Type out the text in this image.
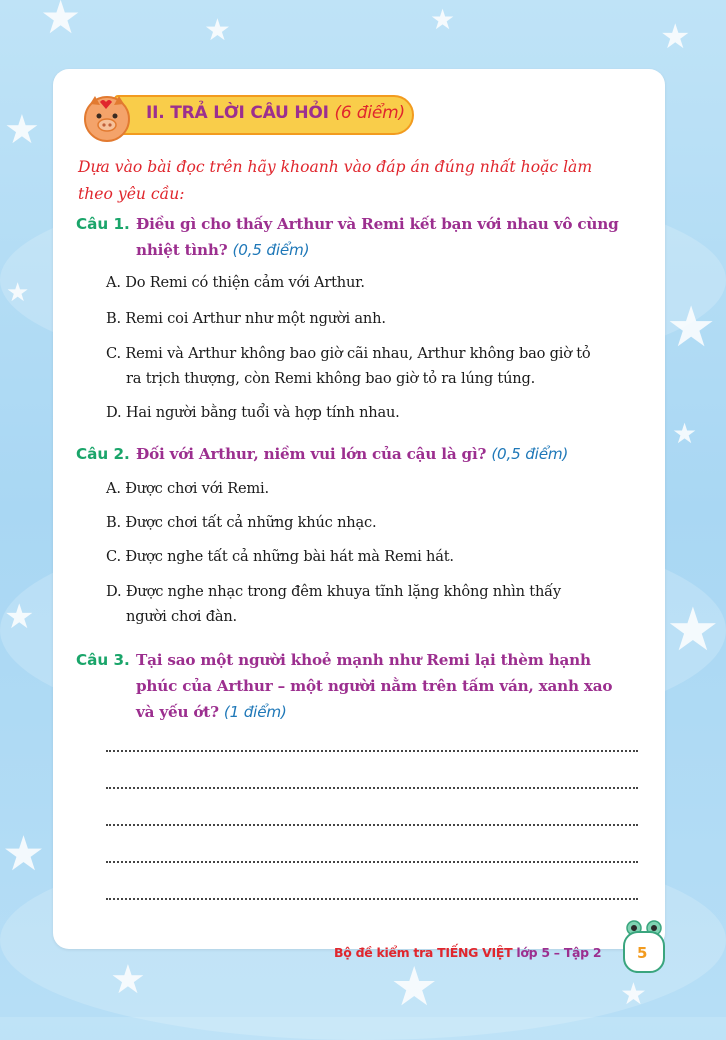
★	★	★	★
★
★
★
★
★	★
★
★	★	★
II. TRẢ LỜI CÂU HỎI (6 điểm)
Dựa vào bài đọc trên hãy khoanh vào đáp án đúng nhất hoặc làm
theo yêu cầu:
Câu 1. Điều gì cho thấy Arthur và Remi kết bạn với nhau vô cùng
nhiệt tình? (0,5 điểm)
A. Do Remi có thiện cảm với Arthur.
B. Remi coi Arthur như một người anh.
C. Remi và Arthur không bao giờ cãi nhau, Arthur không bao giờ tỏ
ra trịch thượng, còn Remi không bao giờ tỏ ra lúng túng.
D. Hai người bằng tuổi và hợp tính nhau.
Câu 2. Đối với Arthur, niềm vui lớn của cậu là gì? (0,5 điểm)
A. Được chơi với Remi.
B. Được chơi tất cả những khúc nhạc.
C. Được nghe tất cả những bài hát mà Remi hát.
D. Được nghe nhạc trong đêm khuya tĩnh lặng không nhìn thấy
người chơi đàn.
Câu 3. Tại sao một người khoẻ mạnh như Remi lại thèm hạnh
phúc của Arthur – một người nằm trên tấm ván, xanh xao
và yếu ớt? (1 điểm)
Bộ đề kiểm tra TIẾNG VIỆT lớp 5 – Tập 2 5
